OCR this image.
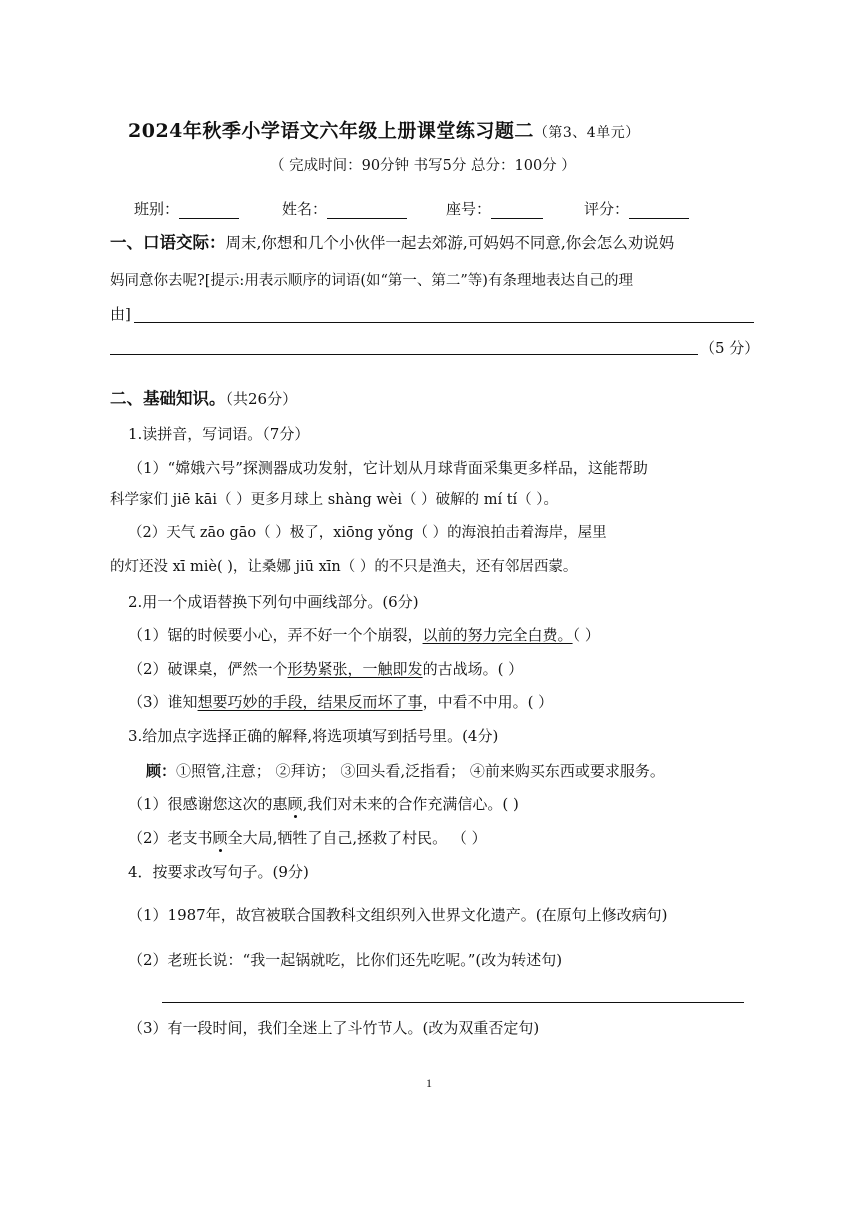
2024年秋季小学语文六年级上册课堂练习题二（第3、4单元）
（ 完成时间：90分钟 书写5分 总分：100分 ）
班别：	姓名：	座号：	评分：
一、口语交际：周末,你想和几个小伙伴一起去郊游,可妈妈不同意,你会怎么劝说妈
妈同意你去呢?[提示:用表示顺序的词语(如“第一、第二”等)有条理地表达自己的理
由]
（5 分）
二、基础知识。（共26分）
1.读拼音，写词语。（7分）
（1）“嫦娥六号”探测器成功发射，它计划从月球背面采集更多样品，这能帮助
科学家们 jiē kāi（ ）更多月球上 shàng wèi（ ）破解的 mí tí（ ）。
（2）天气 zāo gāo（ ）极了，xiōng yǒng（ ）的海浪拍击着海岸，屋里
的灯还没 xī miè( )，让桑娜 jiū xīn（ ）的不只是渔夫，还有邻居西蒙。
2.用一个成语替换下列句中画线部分。(6分)
（1）锯的时候要小心，弄不好一个个崩裂，以前的努力完全白费。（ ）
（2）破课桌，俨然一个形势紧张，一触即发的古战场。( ）
（3）谁知想要巧妙的手段，结果反而坏了事，中看不中用。( ）
3.给加点字选择正确的解释,将选项填写到括号里。(4分)
顾：①照管,注意； ②拜访； ③回头看,泛指看； ④前来购买东西或要求服务。
（1）很感谢您这次的惠顾,我们对未来的合作充满信心。( )
（2）老支书顾全大局,牺牲了自己,拯救了村民。 （ ）
4．按要求改写句子。(9分)
（1）1987年，故宫被联合国教科文组织列入世界文化遗产。(在原句上修改病句)
（2）老班长说：“我一起锅就吃，比你们还先吃呢。”(改为转述句)
（3）有一段时间，我们全迷上了斗竹节人。(改为双重否定句)
1
